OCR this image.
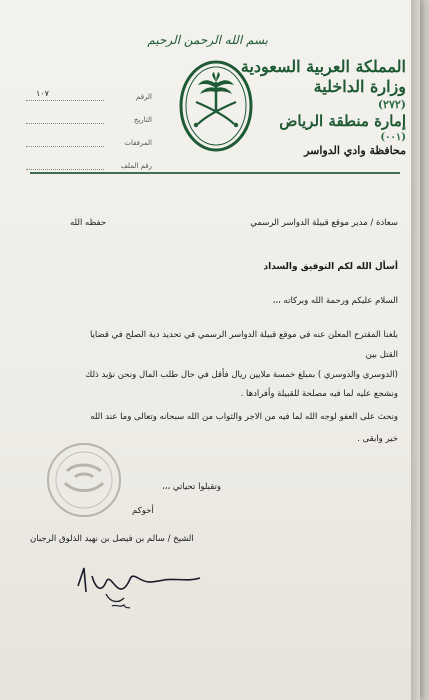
بسم الله الرحمن الرحيم
المملكة العربية السعودية
وزارة الداخلية
(٢٧٢)
إمارة منطقة الرياض
(٠٠١)
محافظة وادي الدواسر
الرقم
١٠٧
التاريخ
المرفقات
رقم الملف
حفظه الله	سعادة / مدير موقع قبيلة الدواسر الرسمي
أسأل الله لكم التوفيق والسداد
السلام عليكم ورحمة الله وبركاته ،،،
بلغنا المقترح المعلن عنه في موقع قبيلة الدواسر الرسمي في تحديد دية الصلح في قضايا
القتل بين
(الدوسري والدوسري ) بمبلغ خمسة ملايين ريال فأقل في حال طلب المال ونحن نؤيد ذلك
ونشجع عليه لما فيه مصلحة للقبيلة وأفرادها .
ونحث على العفو لوجه الله لما فيه من الاجر والثواب من الله سبحانه وتعالى وما عند الله
خير وابقى .
وتقبلوا تحياتي ،،،
أخوكم
الشيخ / سالم بن فيصل بن نهيد الذلوق الرجبان
